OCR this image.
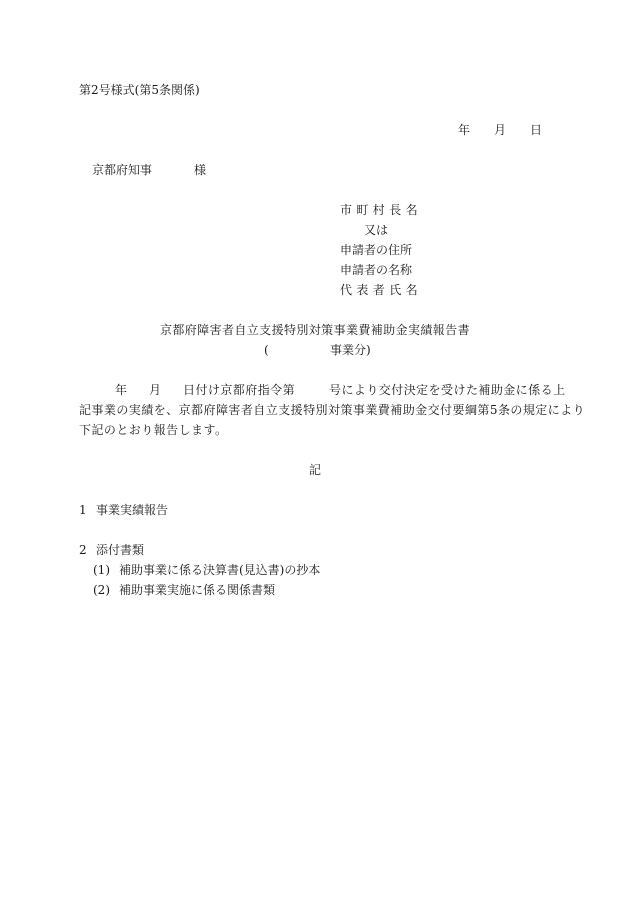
第2号様式(第5条関係)
年 月 日
京都府知事	様
市町村長名
又は
申請者の住所
申請者の名称
代表者氏名
京都府障害者自立支援特別対策事業費補助金実績報告書
(	事業分)
年 月 日付け京都府指令第	号により交付決定を受けた補助金に係る上
記事業の実績を、京都府障害者自立支援特別対策事業費補助金交付要綱第5条の規定により
下記のとおり報告します。
記
1 事業実績報告
2 添付書類
(1) 補助事業に係る決算書(見込書)の抄本
(2) 補助事業実施に係る関係書類
